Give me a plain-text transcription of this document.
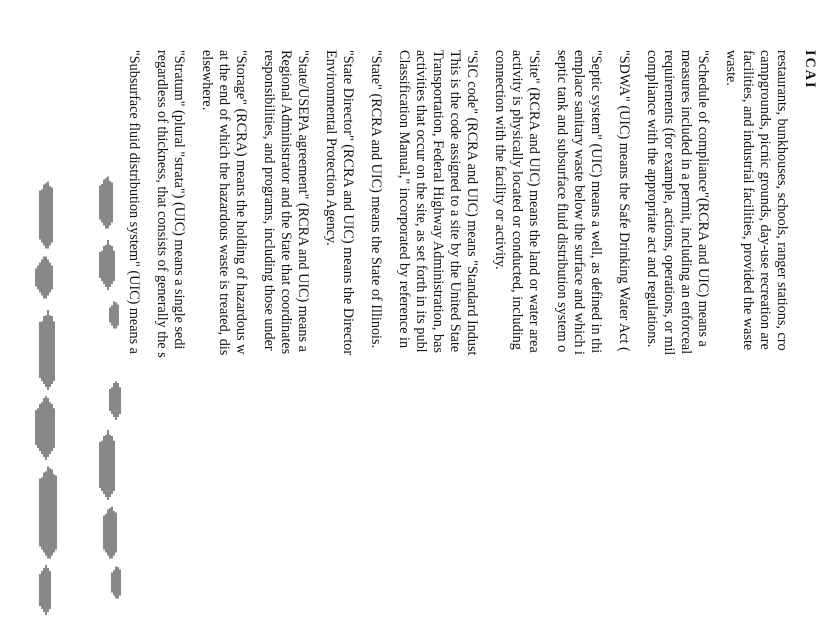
ICAI
restaurants, bunkhouses, schools, ranger stations, cro
campgrounds, picnic grounds, day-use recreation are
facilities, and industrial facilities, provided the waste
waste.
"Schedule of compliance"(RCRA and UIC) means a
measures included in a permit, including an enforceal
requirements (for example, actions, operations, or mil
compliance with the appropriate act and regulations.
"SDWA" (UIC) means the Safe Drinking Water Act (
"Septic system" (UIC) means a well, as defined in thi
emplace sanitary waste below the surface and which i
septic tank and subsurface fluid distribution system o
"Site" (RCRA and UIC) means the land or water area
activity is physically located or conducted, including
connection with the facility or activity.
"SIC code" (RCRA and UIC) means "Standard Indust
This is the code assigned to a site by the United State
Transportation, Federal Highway Administration, bas
activities that occur on the site, as set forth in its publ
Classification Manual," incorporated by reference in
"State" (RCRA and UIC) means the State of Illinois.
"State Director" (RCRA and UIC) means the Director
Environmental Protection Agency.
"State/USEPA agreement" (RCRA and UIC) means a
Regional Administrator and the State that coordinates
responsibilities, and programs, including those under
"Storage" (RCRA) means the holding of hazardous w
at the end of which the hazardous waste is treated, dis
elsewhere.
"Stratum" (plural "strata") (UIC) means a single sedi
regardless of thickness, that consists of generally the s
"Subsurface fluid distribution system" (UIC) means a
